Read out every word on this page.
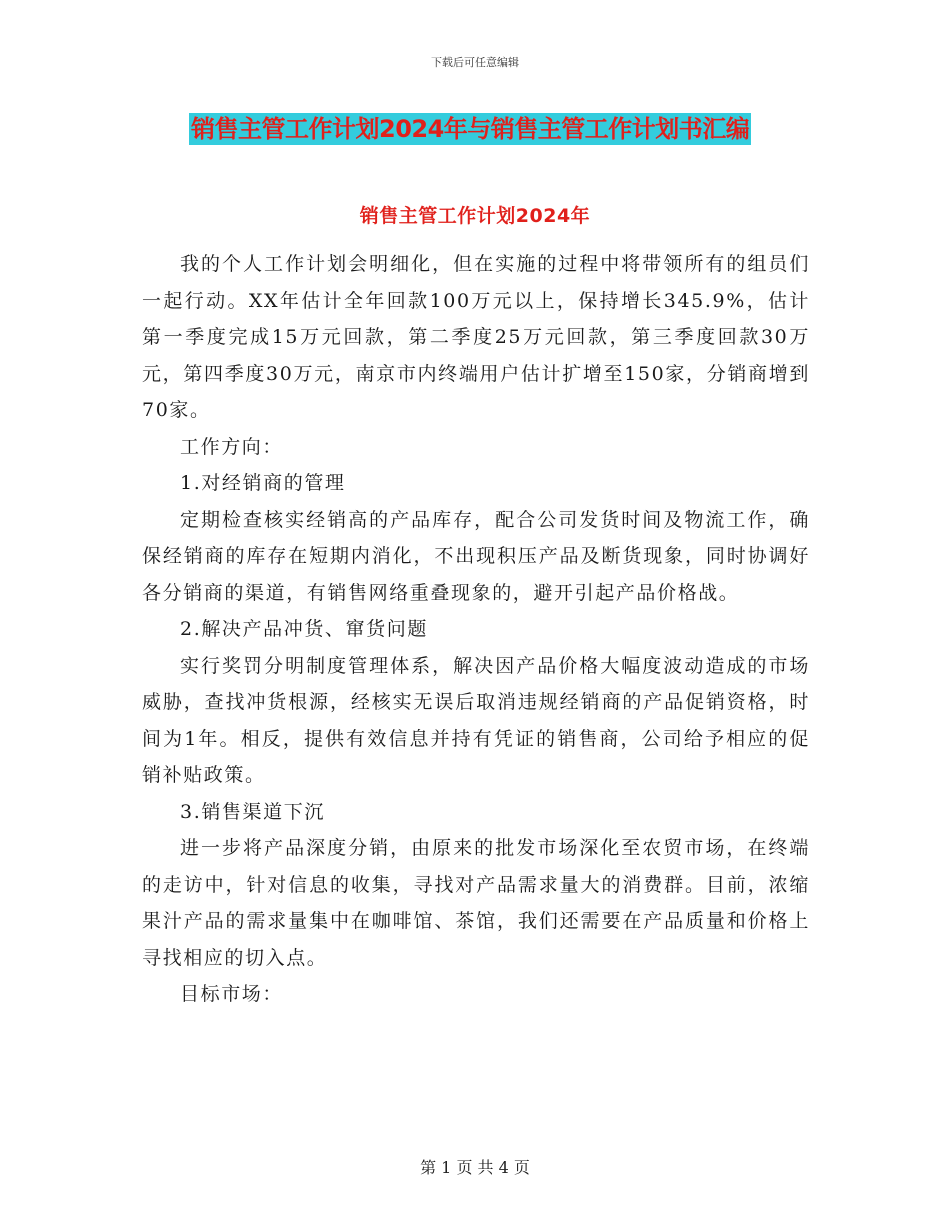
下载后可任意编辑
销售主管工作计划2024年与销售主管工作计划书汇编
销售主管工作计划2024年

我的个人工作计划会明细化，但在实施的过程中将带领所有的组员们一起行动。XX年估计全年回款100万元以上，保持增长345.9%，估计第一季度完成15万元回款，第二季度25万元回款，第三季度回款30万元，第四季度30万元，南京市内终端用户估计扩增至150家，分销商增到70家。

工作方向：

1.对经销商的管理

定期检查核实经销高的产品库存，配合公司发货时间及物流工作，确保经销商的库存在短期内消化，不出现积压产品及断货现象，同时协调好各分销商的渠道，有销售网络重叠现象的，避开引起产品价格战。

2.解决产品冲货、窜货问题

实行奖罚分明制度管理体系，解决因产品价格大幅度波动造成的市场威胁，查找冲货根源，经核实无误后取消违规经销商的产品促销资格，时间为1年。相反，提供有效信息并持有凭证的销售商，公司给予相应的促销补贴政策。

3.销售渠道下沉

进一步将产品深度分销，由原来的批发市场深化至农贸市场，在终端的走访中，针对信息的收集，寻找对产品需求量大的消费群。目前，浓缩果汁产品的需求量集中在咖啡馆、茶馆，我们还需要在产品质量和价格上寻找相应的切入点。

目标市场：

第 1 页 共 4 页
